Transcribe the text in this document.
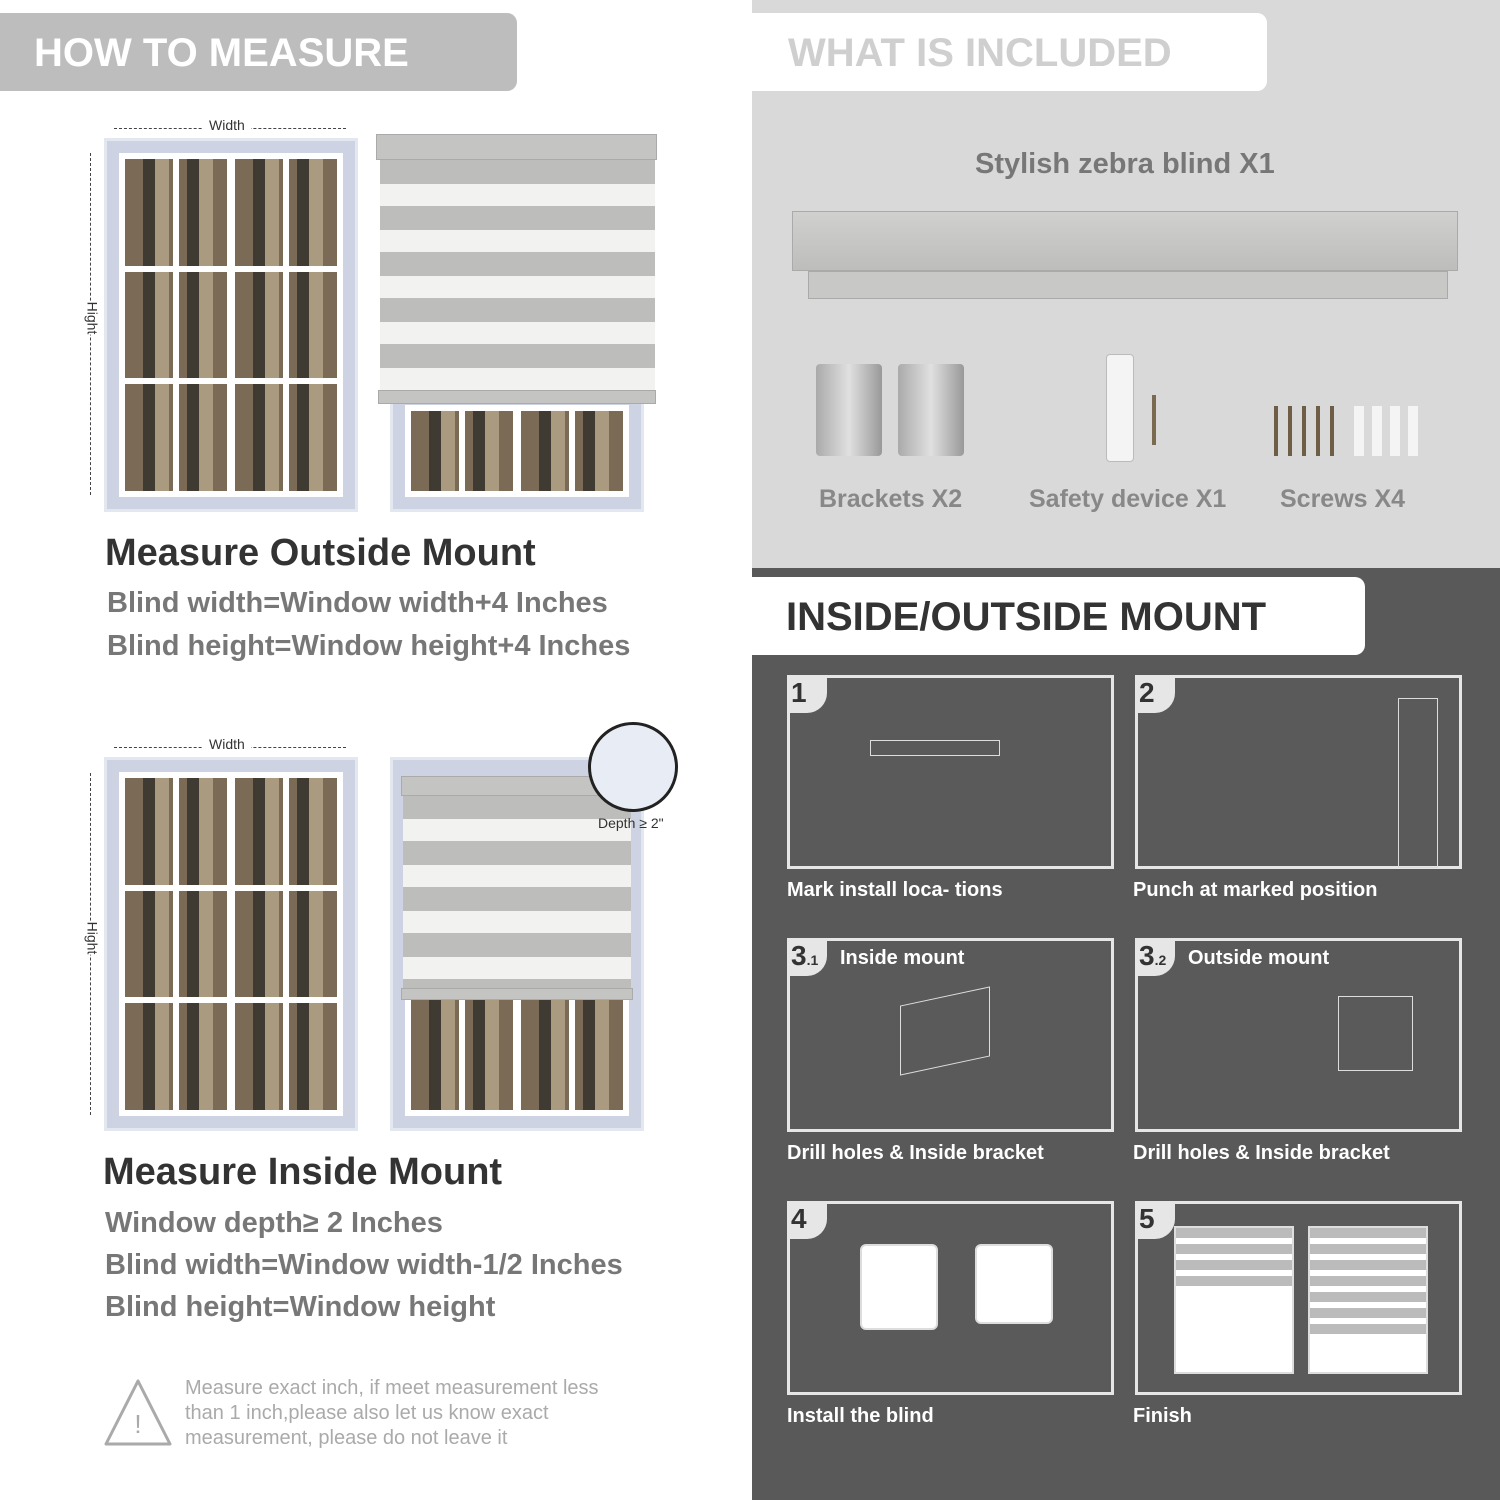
HOW TO MEASURE	WHAT IS INCLUDED
INSIDE/OUTSIDE MOUNT
Width
Hight
Measure Outside Mount
Blind width=Window width+4 Inches
Blind height=Window height+4 Inches
Width
Hight
Depth ≥ 2"
Measure Inside Mount
Window depth≥ 2 Inches
Blind width=Window width-1/2 Inches
Blind height=Window height
!
Measure exact inch, if meet measurement less
than 1 inch,please also let us know exact
measurement, please do not leave it
Stylish zebra blind X1
Brackets X2	Safety device X1 Screws X4
1
Mark install loca- tions
2
Punch at marked position
3.1	Inside mount
Drill holes & Inside bracket
3.2	Outside mount
Drill holes & Inside bracket
4
Install the blind
5
Finish
